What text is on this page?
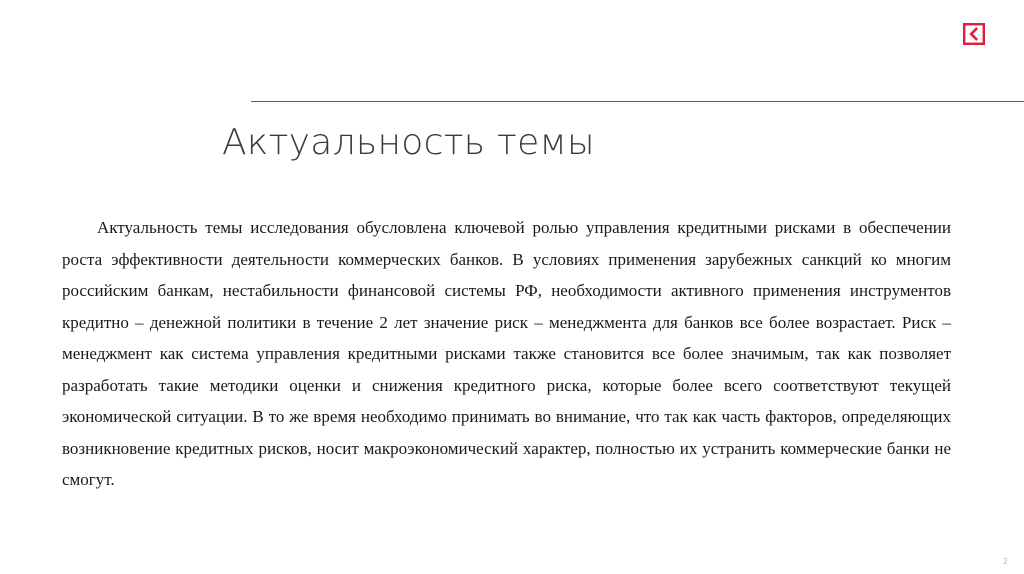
Актуальность темы

Актуальность темы исследования обусловлена ключевой ролью управления кредитными рисками в обеспечении роста эффективности деятельности коммерческих банков. В условиях применения зарубежных санкций ко многим российским банкам, нестабильности финансовой системы РФ, необходимости активного применения инструментов кредитно – денежной политики в течение 2 лет значение риск – менеджмента для банков все более возрастает. Риск – менеджмент как система управления кредитными рисками также становится все более значимым, так как позволяет разработать такие методики оценки и снижения кредитного риска, которые более всего соответствуют текущей экономической ситуации. В то же время необходимо принимать во внимание, что так как часть факторов, определяющих возникновение кредитных рисков, носит макроэкономический характер, полностью их устранить коммерческие банки не смогут.

2
